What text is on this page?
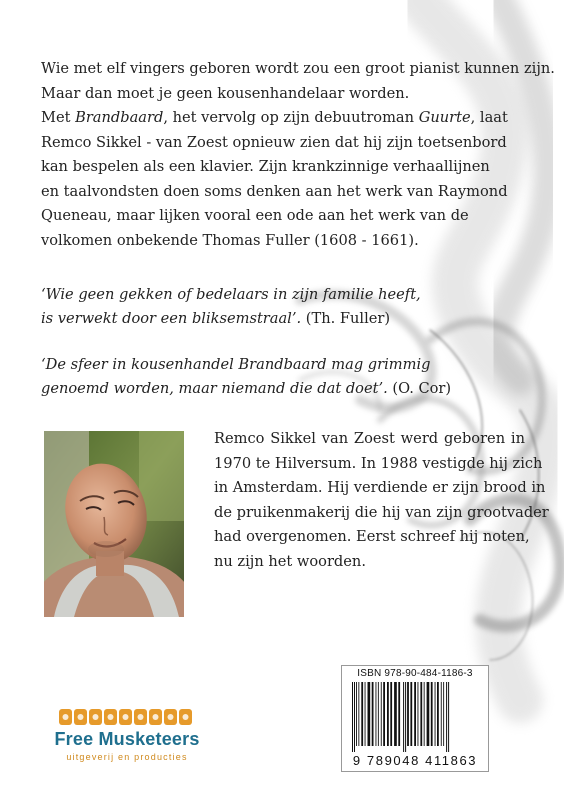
Wie met elf vingers geboren wordt zou een groot pianist kunnen zijn.
Maar dan moet je geen kousenhandelaar worden.
Met Brandbaard, het vervolg op zijn debuutroman Guurte, laat
Remco Sikkel - van Zoest opnieuw zien dat hij zijn toetsenbord
kan bespelen als een klavier. Zijn krankzinnige verhaallijnen
en taalvondsten doen soms denken aan het werk van Raymond
Queneau, maar lijken vooral een ode aan het werk van de
volkomen onbekende Thomas Fuller (1608 - 1661).
‘Wie geen gekken of bedelaars in zijn familie heeft,
is verwekt door een bliksemstraal’. (Th. Fuller)
‘De sfeer in kousenhandel Brandbaard mag grimmig
genoemd worden, maar niemand die dat doet’. (O. Cor)
Remco Sikkel van Zoest werd geboren in
1970 te Hilversum. In 1988 vestigde hij zich
in Amsterdam. Hij verdiende er zijn brood in
de pruikenmakerij die hij van zijn grootvader
had overgenomen. Eerst schreef hij noten,
nu zijn het woorden.
ISBN 978-90-484-1186-3
9 789048 411863
Free Musketeers
uitgeverij en producties
